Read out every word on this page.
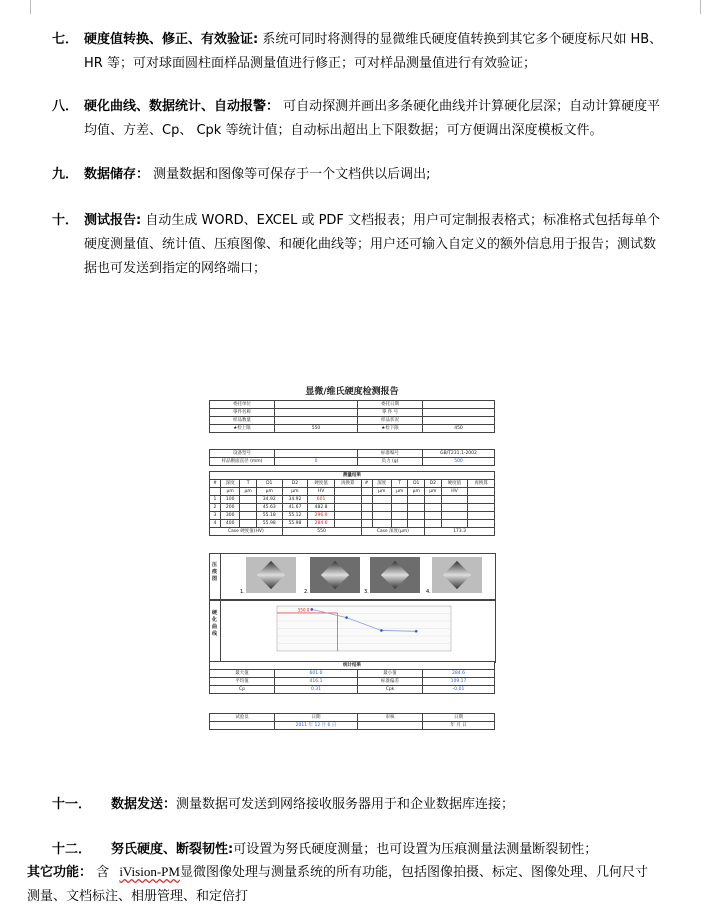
七． 硬度值转换、修正、有效验证: 系统可同时将测得的显微维氏硬度值转换到其它多个硬度标尺如 HB、
HR 等；可对球面圆柱面样品测量值进行修正；可对样品测量值进行有效验证；
八． 硬化曲线、数据统计、自动报警： 可自动探测并画出多条硬化曲线并计算硬化层深；自动计算硬度平
均值、方差、Cp、 Cpk 等统计值；自动标出超出上下限数据；可方便调出深度模板文件。
九． 数据储存： 测量数据和图像等可保存于一个文档供以后调出;
十． 测试报告: 自动生成 WORD、EXCEL 或 PDF 文档报表；用户可定制报表格式；标准格式包括每单个
硬度测量值、统计值、压痕图像、和硬化曲线等；用户还可输入自定义的额外信息用于报告；测试数
据也可发送到指定的网络端口；
显微/维氏硬度检测报告
委托单位		委托日期	
零件名称		零 件 号	
样品数量		样品状况	
★检上限	550	★检下限	450
设备型号		标准编号	GB/T231.1-2002
样品断面直径 (mm)	0	负力 (g)	500
测量结果													
#	深度	T	D1	D2	硬度值	再换算	#	深度	T	D1	D2	硬度值	再换算
	μm	μm	μm	μm	HV			μm	μm	μm	μm	HV	
1	100		34.92	34.92	601								
2	200		45.63	41.67	482.8								
3	300		55.18	55.12	296.9								
4	400		55.98	55.98	284.6								
Case 硬度值(HV)				550			Case 深度(μm)				173.3		
压痕图
1.	2.	3.	4.
硬化曲线
550.0
统计结果			
最大值	601.0	最小值	284.6
平均值	416.1	标准偏差	109.17
Cp	0.31	Cpk	-0.01
试验员	日期	审核	日期
	2011 年 12 月 6 日		年 月 日
十一． 数据发送：测量数据可发送到网络接收服务器用于和企业数据库连接；
十二． 努氏硬度、断裂韧性:可设置为努氏硬度测量；也可设置为压痕测量法测量断裂韧性；
其它功能： 含 iVision-PM显微图像处理与测量系统的所有功能，包括图像拍摄、标定、图像处理、几何尺寸
测量、文档标注、相册管理、和定倍打
